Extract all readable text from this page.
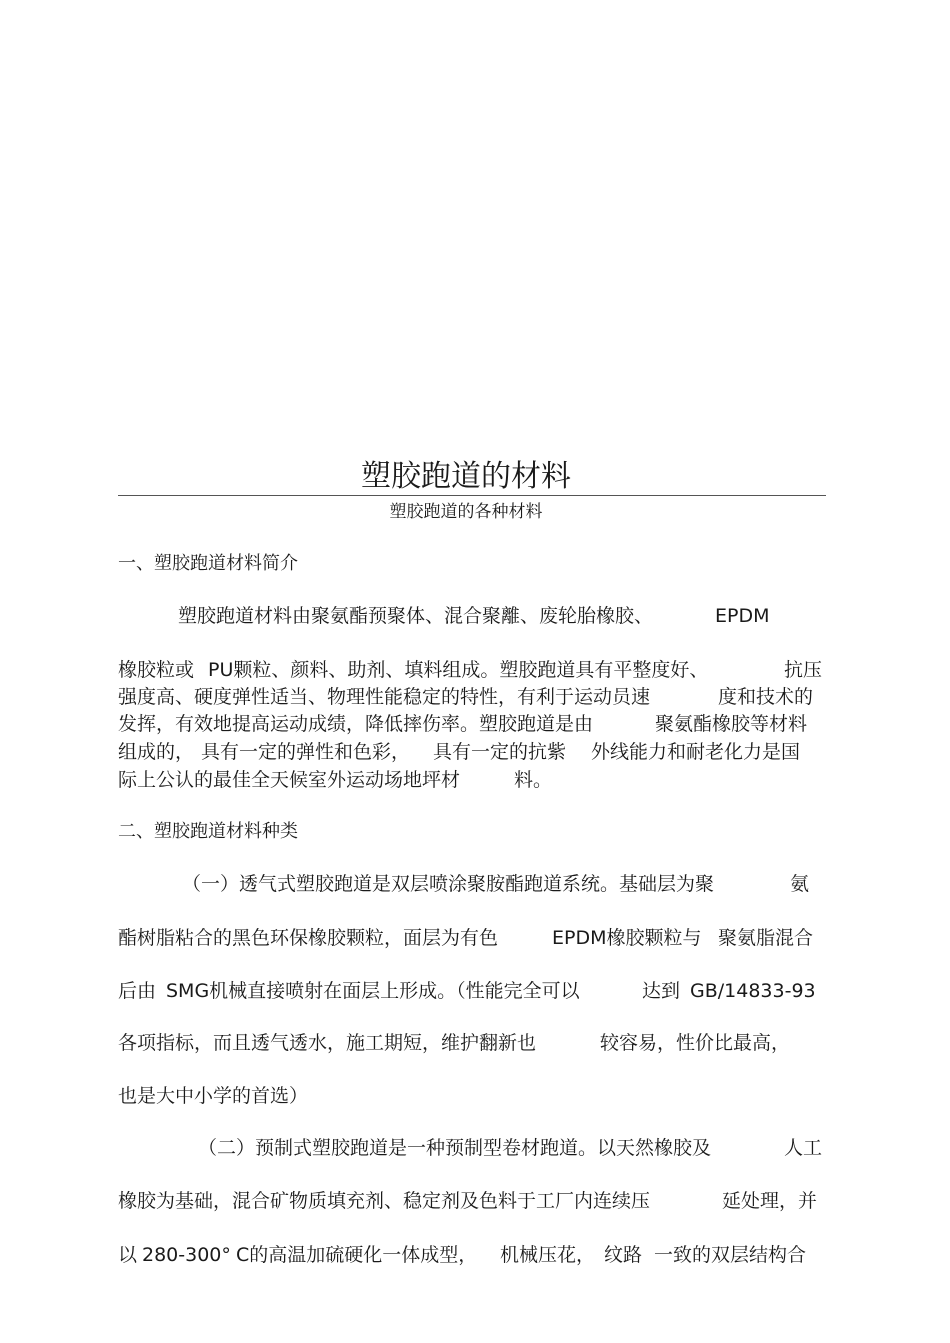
塑胶跑道的材料
塑胶跑道的各种材料
一、塑胶跑道材料简介
塑胶跑道材料由聚氨酯预聚体、混合聚離、废轮胎橡胶、	EPDM
橡胶粒或 PU颗粒、颜料、助剂、填料组成。塑胶跑道具有平整度好、	抗压
强度高、硬度弹性适当、物理性能稳定的特性，有利于运动员速	度和技术的
发挥，有效地提高运动成绩，降低摔伤率。塑胶跑道是由	聚氨酯橡胶等材料
组成的， 具有一定的弹性和色彩， 具有一定的抗紫 外线能力和耐老化力是国
际上公认的最佳全天候室外运动场地坪材	料。
二、塑胶跑道材料种类
（一）透气式塑胶跑道是双层喷涂聚胺酯跑道系统。基础层为聚	氨
酯树脂粘合的黑色环保橡胶颗粒，面层为有色	EPDM橡胶颗粒与 聚氨脂混合
后由 SMG机械直接喷射在面层上形成。（性能完全可以	达到 GB/14833-93
各项指标，而且透气透水，施工期短，维护翻新也	较容易，性价比最高，
也是大中小学的首选）
（二）预制式塑胶跑道是一种预制型卷材跑道。以天然橡胶及	人工
橡胶为基础，混合矿物质填充剂、稳定剂及色料于工厂内连续压	延处理，并
以 280-300° C的高温加硫硬化一体成型， 机械压花， 纹路 一致的双层结构合
